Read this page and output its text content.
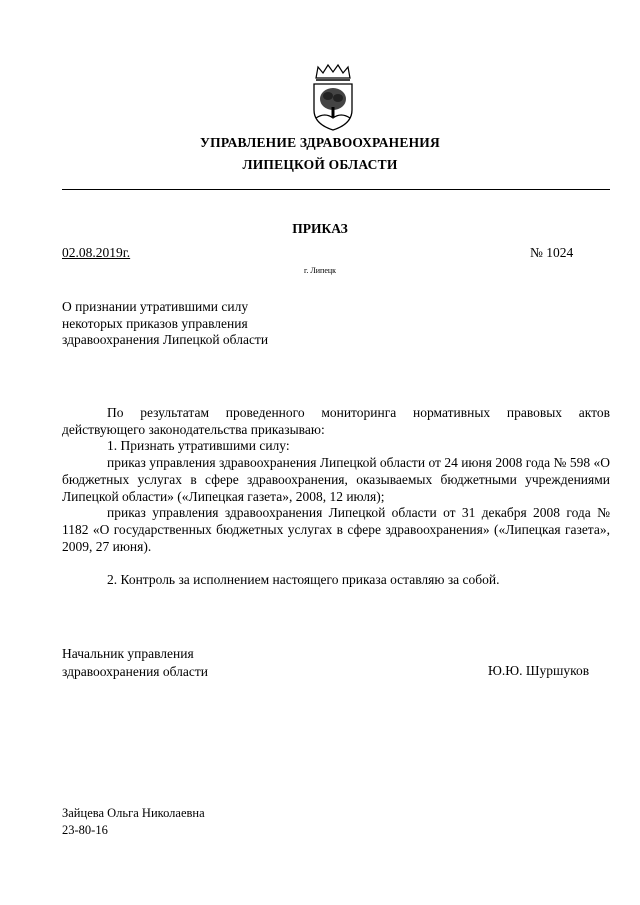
УПРАВЛЕНИЕ ЗДРАВООХРАНЕНИЯ
ЛИПЕЦКОЙ ОБЛАСТИ
ПРИКАЗ
02.08.2019г.	№ 1024
г. Липецк
О признании утратившими силу
некоторых приказов управления
здравоохранения Липецкой области

По результатам проведенного мониторинга нормативных правовых актов действующего законодательства приказываю:

1. Признать утратившими силу:

приказ управления здравоохранения Липецкой области от 24 июня 2008 года № 598 «О бюджетных услугах в сфере здравоохранения, оказываемых бюджетными учреждениями Липецкой области» («Липецкая газета», 2008, 12 июля);

приказ управления здравоохранения Липецкой области от 31 декабря 2008 года № 1182 «О государственных бюджетных услугах в сфере здравоохранения» («Липецкая газета», 2009, 27 июня).

2. Контроль за исполнением настоящего приказа оставляю за собой.

Начальник управления
здравоохранения области	Ю.Ю. Шуршуков
Зайцева Ольга Николаевна
23-80-16
